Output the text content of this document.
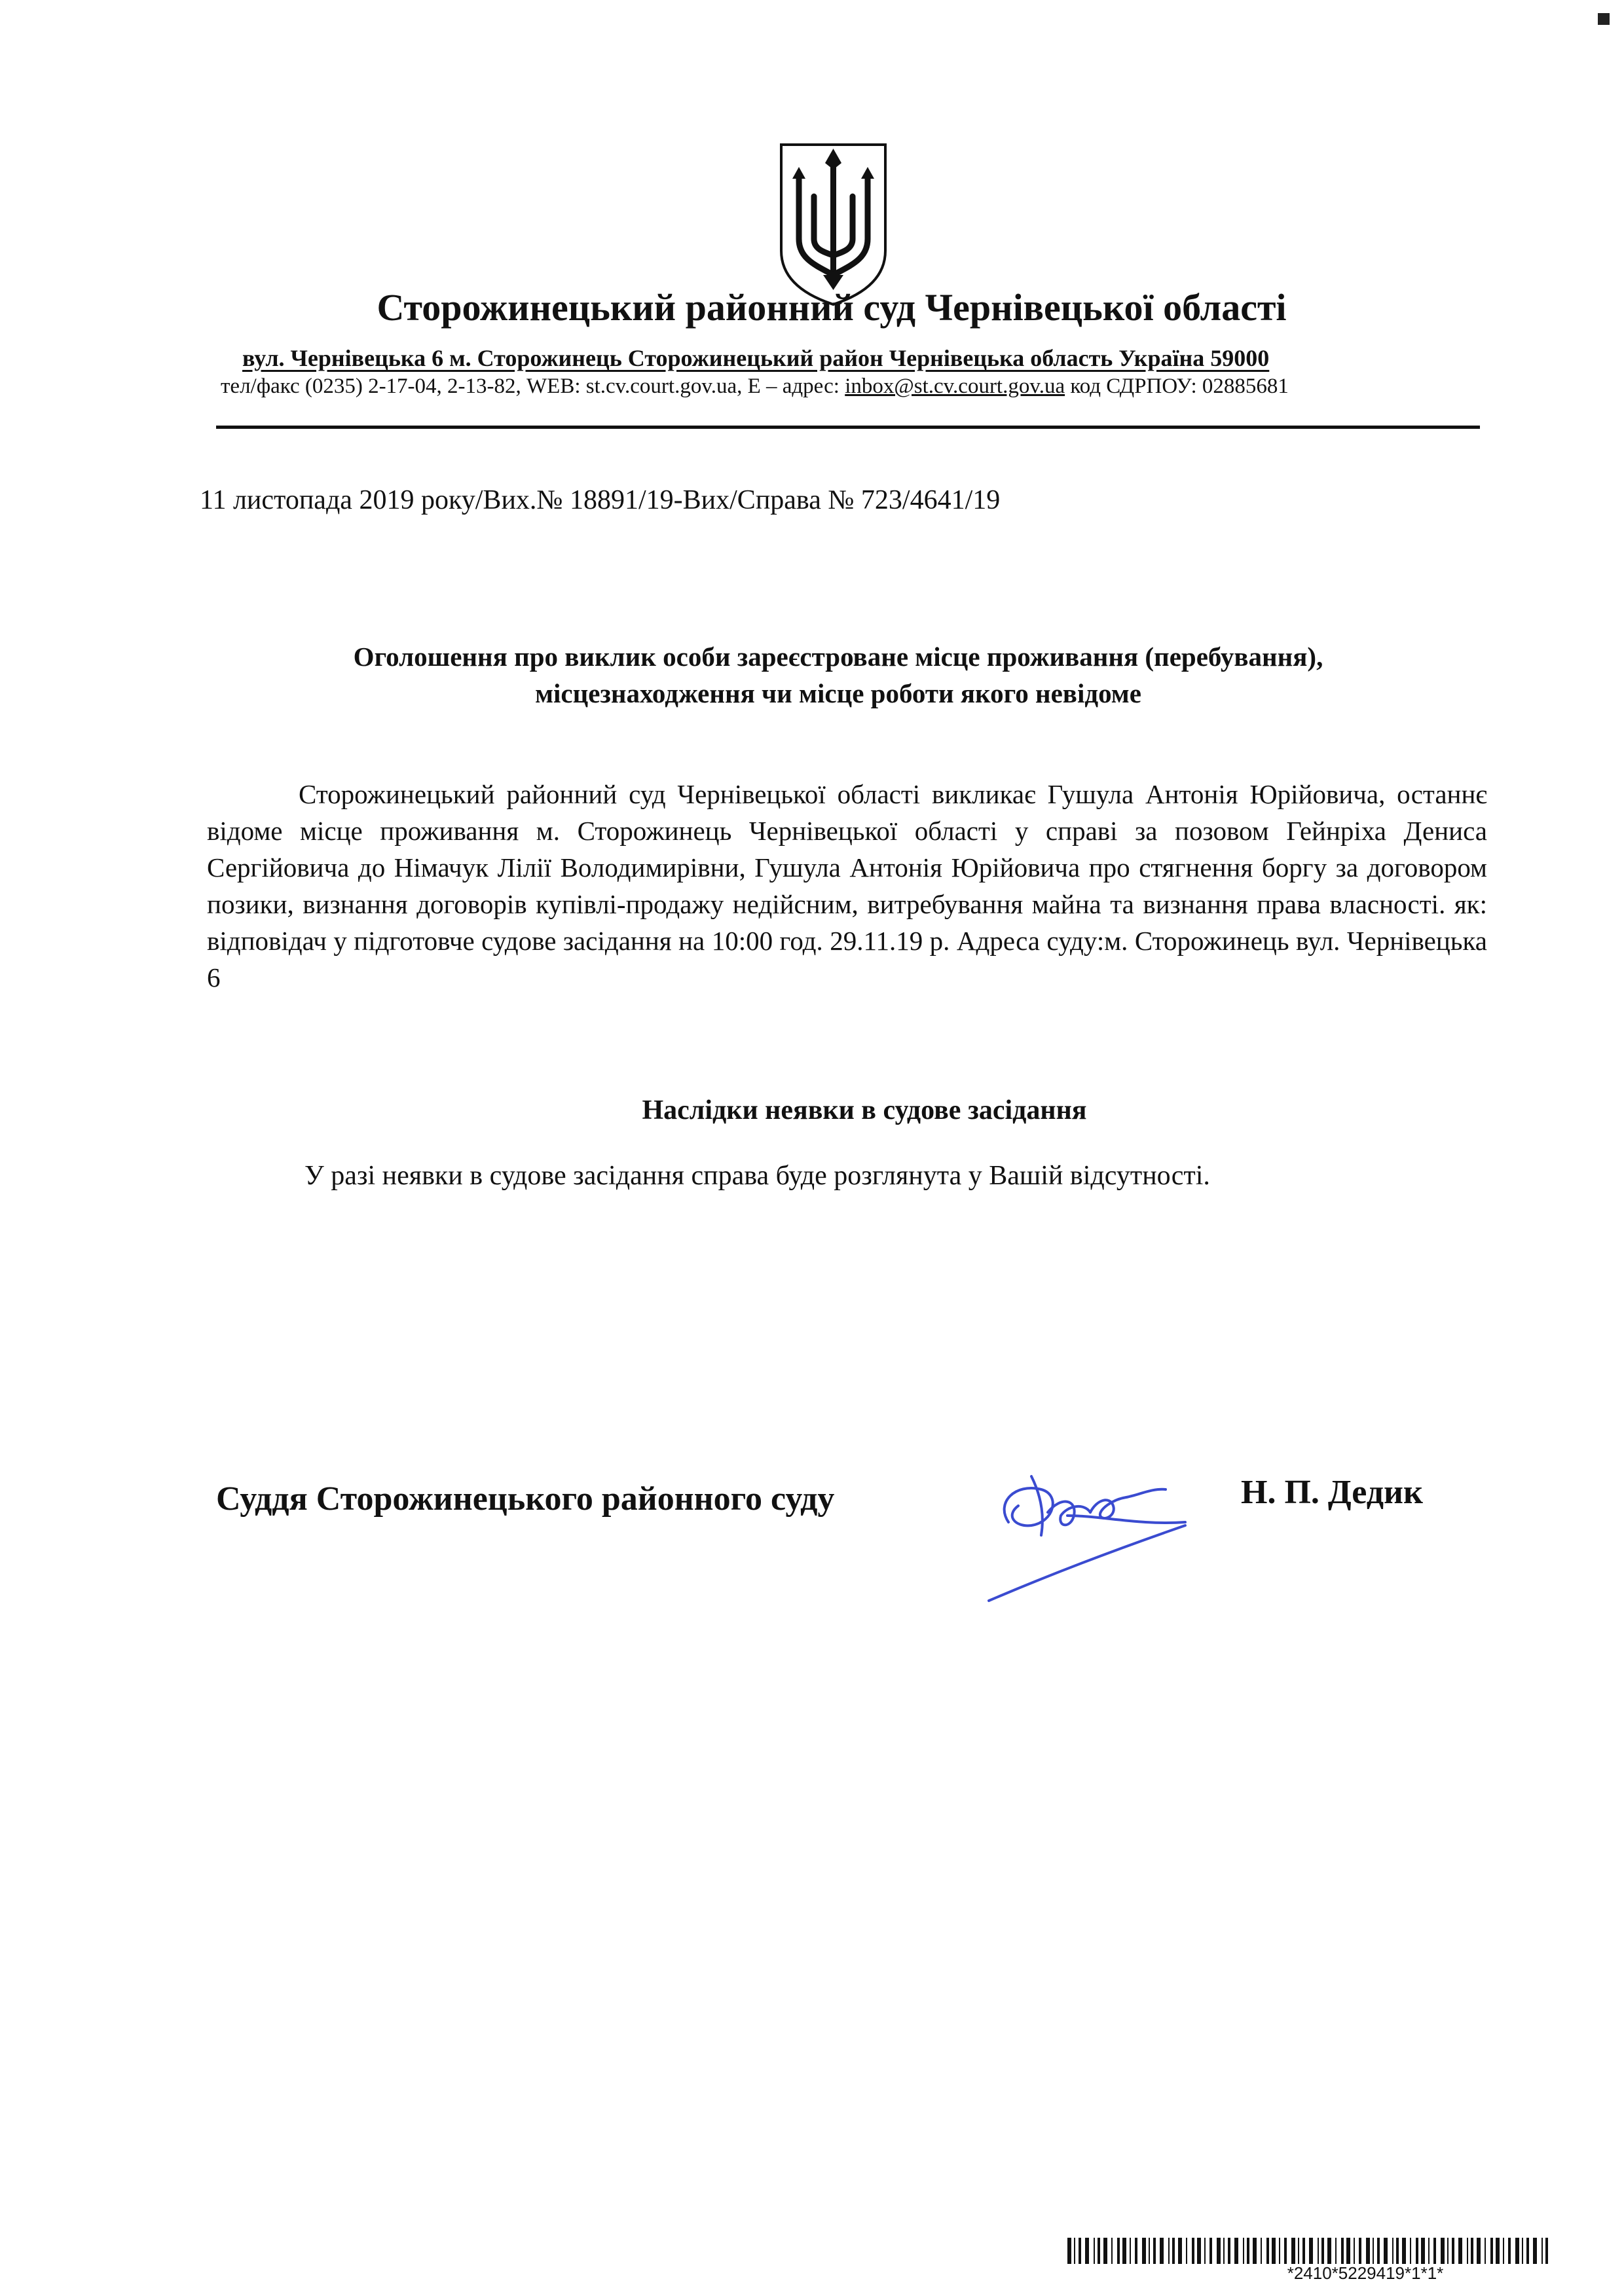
Сторожинецький районний суд Чернівецької області
вул. Чернівецька 6 м. Сторожинець Сторожинецький район Чернівецька область Україна 59000
тел/факс (0235) 2-17-04, 2-13-82, WEB: st.cv.court.gov.ua, E – адрес: inbox@st.cv.court.gov.ua код СДРПОУ: 02885681
11 листопада 2019 року/Вих.№ 18891/19-Вих/Справа № 723/4641/19
Оголошення про виклик особи зареєстроване місце проживання (перебування),
місцезнаходження чи місце роботи якого невідоме
Сторожинецький районний суд Чернівецької області викликає Гушула Антонія Юрійовича, останнє відоме місце проживання м. Сторожинець Чернівецької області у справі за позовом Гейнріха Дениса Сергійовича до Німачук Лілії Володимирівни, Гушула Антонія Юрійовича про стягнення боргу за договором позики, визнання договорів купівлі-продажу недійсним, витребування майна та визнання права власності. як: відповідач у підготовче судове засідання на 10:00 год. 29.11.19 р. Адреса суду:м. Сторожинець вул. Чернівецька 6
Наслідки неявки в судове засідання
У разі неявки в судове засідання справа буде розглянута у Вашій відсутності.
Суддя Сторожинецького районного суду	Н. П. Дедик
*2410*5229419*1*1*
